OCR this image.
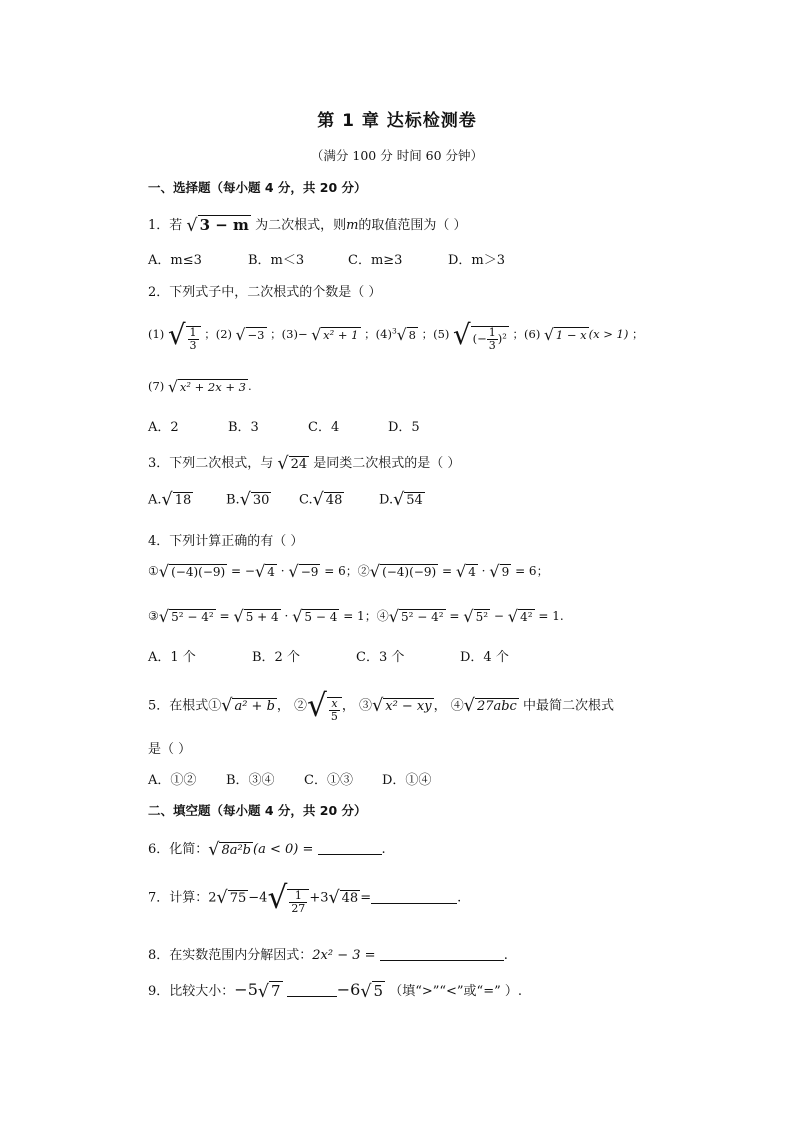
第 1 章 达标检测卷
（满分 100 分 时间 60 分钟）
一、选择题（每小题 4 分，共 20 分）
1．若 √ 3 − m 为二次根式，则m的取值范围为（ ）
A．m≤3	B．m＜3	C．m≥3	D．m＞3
2．下列式子中，二次根式的个数是（ ）
(1) √ $\frac{1}{3}$ ；(2) √ −3 ；(3)− √ x² + 1 ；$(4)^3√$ 8 ；(5) √ (− $\frac{1}{3} )^2$ ；(6) √ 1 − x (x > 1) ；
(7) √ x² + 2x + 3 .
A．2	B．3	C．4	D．5
3．下列二次根式，与 √ 24 是同类二次根式的是（ ）
A.√ 18	B.√ 30 C.√ 48	D.√ 54
4．下列计算正确的有（ ）
①√ (−4)(−9) = −√ 4 · √ −9 = 6；②√ (−4)(−9) = √ 4 · √ 9 = 6；
③√ 5² − 4² = √ 5 + 4 · √ 5 − 4 = 1；④√ 5² − 4² = √ 5² − √ 4² = 1.
A．1 个	B．2 个	C．3 个	D．4 个
5．在根式①√ a² + b ， ②√ $\frac{x}{5}$ ， ③√ x² − xy ， ④√ 27abc 中最简二次根式
是（ ）
A．①② B．③④ C．①③ D．①④
二、填空题（每小题 4 分，共 20 分）
6．化简：√ 8a²b (a < 0) =	.
7．计算：2√ $75 -4√ \frac{1}{27} +3√$ 48 =	.
8．在实数范围内分解因式：2x² − 3 =	.
9．比较大小：−5√ 7	−6√ 5 （填“>”“<”或“=” ）.
